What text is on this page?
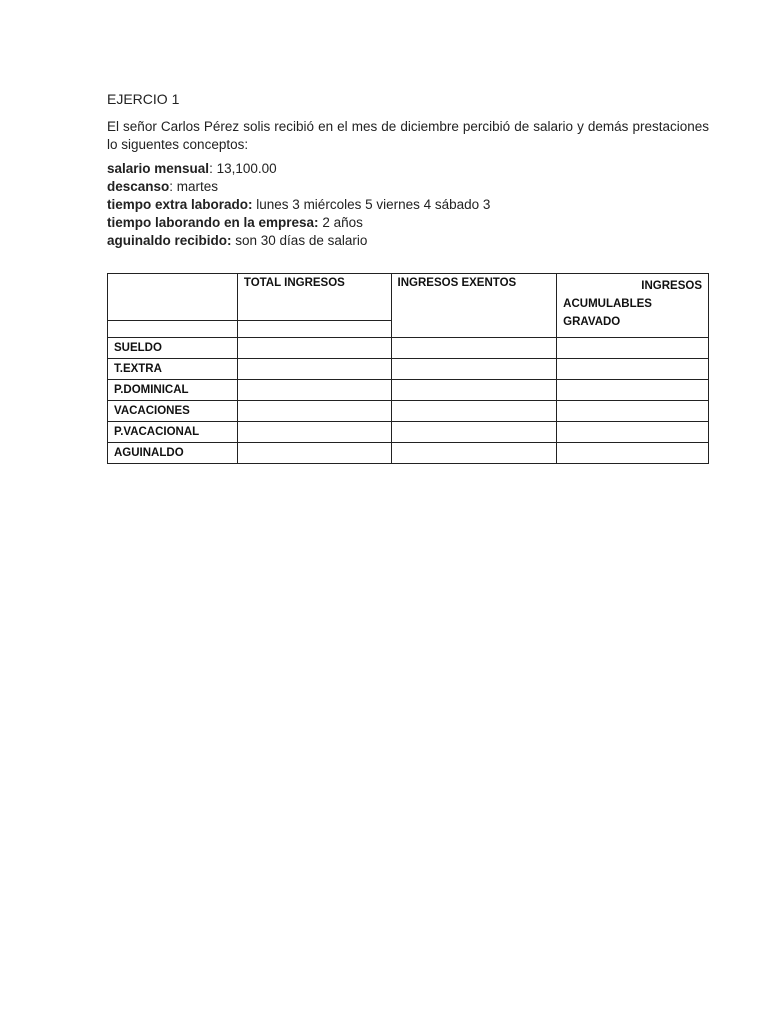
EJERCIO 1

El señor Carlos Pérez solis recibió en el mes de diciembre percibió de salario y demás prestaciones lo siguentes conceptos:

salario mensual: 13,100.00

descanso: martes

tiempo extra laborado: lunes 3 miércoles 5 viernes 4 sábado 3

tiempo laborando en la empresa: 2 años

aguinaldo recibido: son 30 días de salario

	TOTAL INGRESOS	INGRESOS EXENTOS	INGRESOS
ACUMULABLES
GRAVADO

SUELDO			
T.EXTRA			
P.DOMINICAL			
VACACIONES			
P.VACACIONAL			
AGUINALDO			
